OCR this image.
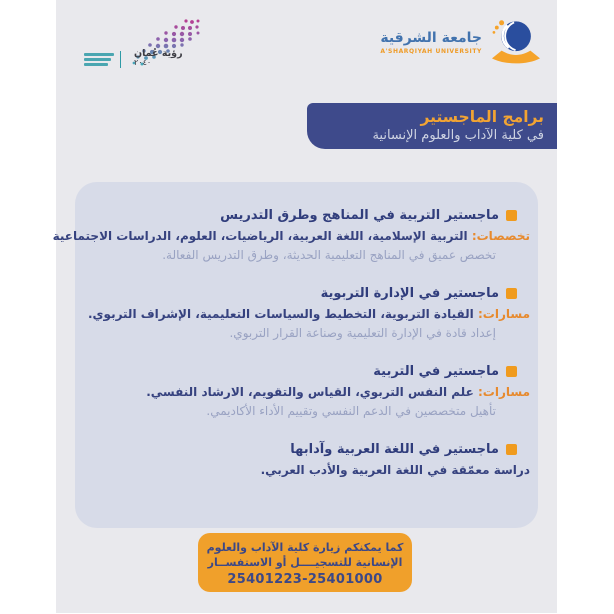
رؤية عُمان
٢٠٤٠
جامعة الشرقية
A'SHARQIYAH UNIVERSITY
برامج الماجستير
في كلية الآداب والعلوم الإنسانية
ماجستير التربية في المناهج وطرق التدريس
تخصصات: التربية الإسلامية، اللغة العربية، الرياضيات، العلوم، الدراسات الاجتماعية
تخصص عميق في المناهج التعليمية الحديثة، وطرق التدريس الفعالة.
ماجستير في الإدارة التربوية
مسارات: القيادة التربوية، التخطيط والسياسات التعليمية، الإشراف التربوي.
إعداد قادة في الإدارة التعليمية وصناعة القرار التربوي.
ماجستير في التربية
مسارات: علم النفس التربوي، القياس والتقويم، الارشاد النفسي.
تأهيل متخصصين في الدعم النفسي وتقييم الأداء الأكاديمي.
ماجستير في اللغة العربية وآدابها
دراسة معمّقة في اللغة العربية والأدب العربي.
كما يمكنكم زيارة كلية الآداب والعلوم
الإنسانية للتسجيــــل أو الاستفســار
25401223-25401000
